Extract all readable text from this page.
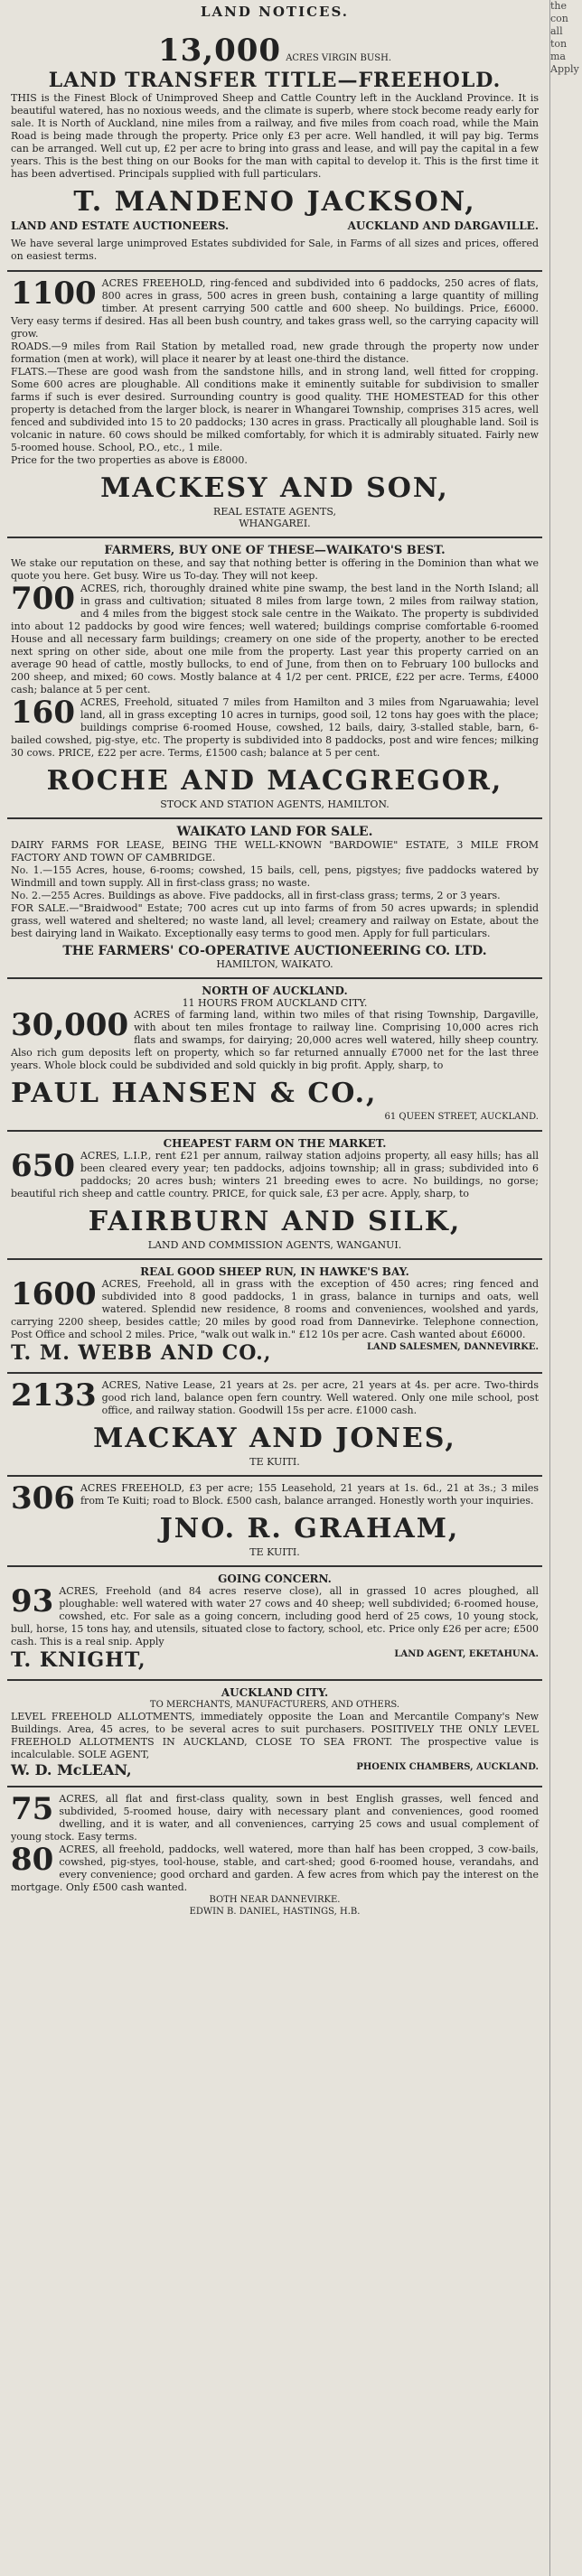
LAND NOTICES.
13,000 ACRES VIRGIN BUSH.
LAND TRANSFER TITLE—FREEHOLD.
THIS is the Finest Block of Unimproved Sheep and Cattle Country left in the Auckland Province. It is beautiful watered, has no noxious weeds, and the climate is superb, where stock become ready early for sale. It is North of Auckland, nine miles from a railway, and five miles from coach road, while the Main Road is being made through the property. Price only £3 per acre. Well handled, it will pay big. Terms can be arranged. Well cut up, £2 per acre to bring into grass and lease, and will pay the capital in a few years. This is the best thing on our Books for the man with capital to develop it. This is the first time it has been advertised. Principals supplied with full particulars.
T. MANDENO JACKSON,
LAND AND ESTATE AUCTIONEERS.	AUCKLAND AND DARGAVILLE.
We have several large unimproved Estates subdivided for Sale, in Farms of all sizes and prices, offered on easiest terms.
1100 ACRES FREEHOLD, ring-fenced and subdivided into 6 paddocks, 250 acres of flats, 800 acres in grass, 500 acres in green bush, containing a large quantity of milling timber. At present carrying 500 cattle and 600 sheep. No buildings. Price, £6000. Very easy terms if desired. Has all been bush country, and takes grass well, so the carrying capacity will grow.
ROADS.—9 miles from Rail Station by metalled road, new grade through the property now under formation (men at work), will place it nearer by at least one-third the distance.
FLATS.—These are good wash from the sandstone hills, and in strong land, well fitted for cropping. Some 600 acres are ploughable. All conditions make it eminently suitable for subdivision to smaller farms if such is ever desired. Surrounding country is good quality. THE HOMESTEAD for this other property is detached from the larger block, is nearer in Whangarei Township, comprises 315 acres, well fenced and subdivided into 15 to 20 paddocks; 130 acres in grass. Practically all ploughable land. Soil is volcanic in nature. 60 cows should be milked comfortably, for which it is admirably situated. Fairly new 5-roomed house. School, P.O., etc., 1 mile.
Price for the two properties as above is £8000.
MACKESY AND SON,
REAL ESTATE AGENTS,
WHANGAREI.
FARMERS, BUY ONE OF THESE—WAIKATO'S BEST.
We stake our reputation on these, and say that nothing better is offering in the Dominion than what we quote you here. Get busy. Wire us To-day. They will not keep.
700 ACRES, rich, thoroughly drained white pine swamp, the best land in the North Island; all in grass and cultivation; situated 8 miles from large town, 2 miles from railway station, and 4 miles from the biggest stock sale centre in the Waikato. The property is subdivided into about 12 paddocks by good wire fences; well watered; buildings comprise comfortable 6-roomed House and all necessary farm buildings; creamery on one side of the property, another to be erected next spring on other side, about one mile from the property. Last year this property carried on an average 90 head of cattle, mostly bullocks, to end of June, from then on to February 100 bullocks and 200 sheep, and mixed; 60 cows. Mostly balance at 4 1/2 per cent. PRICE, £22 per acre. Terms, £4000 cash; balance at 5 per cent.
160 ACRES, Freehold, situated 7 miles from Hamilton and 3 miles from Ngaruawahia; level land, all in grass excepting 10 acres in turnips, good soil, 12 tons hay goes with the place; buildings comprise 6-roomed House, cowshed, 12 bails, dairy, 3-stalled stable, barn, 6-bailed cowshed, pig-stye, etc. The property is subdivided into 8 paddocks, post and wire fences; milking 30 cows. PRICE, £22 per acre. Terms, £1500 cash; balance at 5 per cent.
ROCHE AND MACGREGOR,
STOCK AND STATION AGENTS, HAMILTON.
WAIKATO LAND FOR SALE.
DAIRY FARMS FOR LEASE, BEING THE WELL-KNOWN "BARDOWIE" ESTATE, 3 MILE FROM FACTORY AND TOWN OF CAMBRIDGE.
No. 1.—155 Acres, house, 6-rooms; cowshed, 15 bails, cell, pens, pigstyes; five paddocks watered by Windmill and town supply. All in first-class grass; no waste.
No. 2.—255 Acres. Buildings as above. Five paddocks, all in first-class grass; terms, 2 or 3 years.
FOR SALE.—"Braidwood" Estate; 700 acres cut up into farms of from 50 acres upwards; in splendid grass, well watered and sheltered; no waste land, all level; creamery and railway on Estate, about the best dairying land in Waikato. Exceptionally easy terms to good men. Apply for full particulars.
THE FARMERS' CO-OPERATIVE AUCTIONEERING CO. LTD.
HAMILTON, WAIKATO.
NORTH OF AUCKLAND.
11 HOURS FROM AUCKLAND CITY.
30,000 ACRES of farming land, within two miles of that rising Township, Dargaville, with about ten miles frontage to railway line. Comprising 10,000 acres rich flats and swamps, for dairying; 20,000 acres well watered, hilly sheep country. Also rich gum deposits left on property, which so far returned annually £7000 net for the last three years. Whole block could be subdivided and sold quickly in big profit. Apply, sharp, to
PAUL HANSEN & CO.,
61 QUEEN STREET, AUCKLAND.
CHEAPEST FARM ON THE MARKET.
650 ACRES, L.I.P., rent £21 per annum, railway station adjoins property, all easy hills; has all been cleared every year; ten paddocks, adjoins township; all in grass; subdivided into 6 paddocks; 20 acres bush; winters 21 breeding ewes to acre. No buildings, no gorse; beautiful rich sheep and cattle country. PRICE, for quick sale, £3 per acre. Apply, sharp, to
FAIRBURN AND SILK,
LAND AND COMMISSION AGENTS, WANGANUI.
REAL GOOD SHEEP RUN, IN HAWKE'S BAY.
1600 ACRES, Freehold, all in grass with the exception of 450 acres; ring fenced and subdivided into 8 good paddocks, 1 in grass, balance in turnips and oats, well watered. Splendid new residence, 8 rooms and conveniences, woolshed and yards, carrying 2200 sheep, besides cattle; 20 miles by good road from Dannevirke. Telephone connection, Post Office and school 2 miles. Price, "walk out walk in." £12 10s per acre. Cash wanted about £6000.
T. M. WEBB AND CO.,	LAND SALESMEN, DANNEVIRKE.
2133 ACRES, Native Lease, 21 years at 2s. per acre, 21 years at 4s. per acre. Two-thirds good rich land, balance open fern country. Well watered. Only one mile school, post office, and railway station. Goodwill 15s per acre. £1000 cash.
MACKAY AND JONES,
TE KUITI.
306 ACRES FREEHOLD, £3 per acre; 155 Leasehold, 21 years at 1s. 6d., 21 at 3s.; 3 miles from Te Kuiti; road to Block. £500 cash, balance arranged. Honestly worth your inquiries.
JNO. R. GRAHAM,
TE KUITI.
GOING CONCERN.
93 ACRES, Freehold (and 84 acres reserve close), all in grassed 10 acres ploughed, all ploughable: well watered with water 27 cows and 40 sheep; well subdivided; 6-roomed house, cowshed, etc. For sale as a going concern, including good herd of 25 cows, 10 young stock, bull, horse, 15 tons hay, and utensils, situated close to factory, school, etc. Price only £26 per acre; £500 cash. This is a real snip. Apply
T. KNIGHT,	LAND AGENT, EKETAHUNA.
AUCKLAND CITY.
TO MERCHANTS, MANUFACTURERS, AND OTHERS.
LEVEL FREEHOLD ALLOTMENTS, immediately opposite the Loan and Mercantile Company's New Buildings. Area, 45 acres, to be several acres to suit purchasers. POSITIVELY THE ONLY LEVEL FREEHOLD ALLOTMENTS IN AUCKLAND, CLOSE TO SEA FRONT. The prospective value is incalculable. SOLE AGENT,
W. D. McLEAN,	PHOENIX CHAMBERS, AUCKLAND.
75 ACRES, all flat and first-class quality, sown in best English grasses, well fenced and subdivided, 5-roomed house, dairy with necessary plant and conveniences, good roomed dwelling, and it is water, and all conveniences, carrying 25 cows and usual complement of young stock. Easy terms.
80 ACRES, all freehold, paddocks, well watered, more than half has been cropped, 3 cow-bails, cowshed, pig-styes, tool-house, stable, and cart-shed; good 6-roomed house, verandahs, and every convenience; good orchard and garden. A few acres from which pay the interest on the mortgage. Only £500 cash wanted.
BOTH NEAR DANNEVIRKE.
EDWIN B. DANIEL, HASTINGS, H.B.
the
con
all
ton
ma
Apply
